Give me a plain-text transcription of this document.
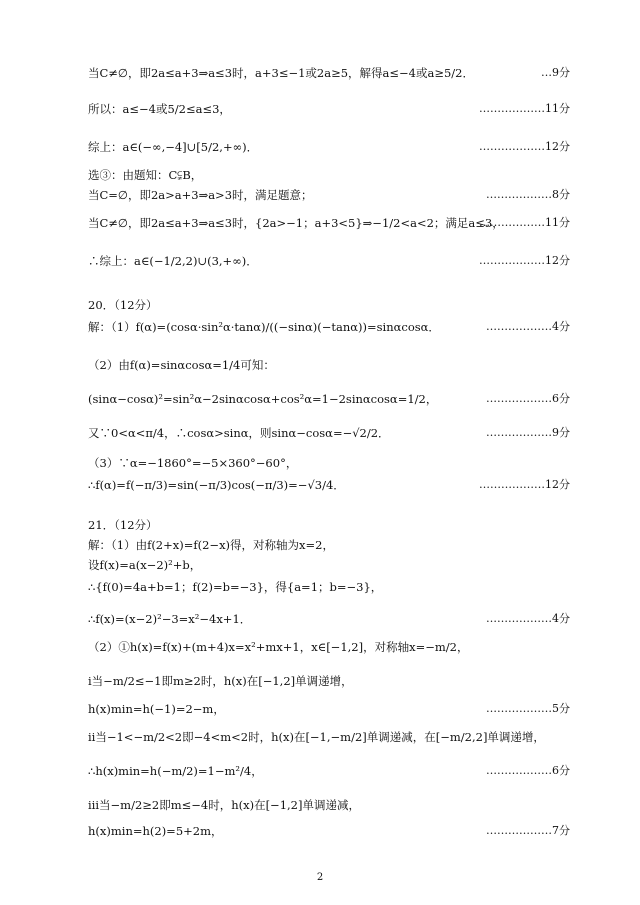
当C≠∅，即2a≤a+3⇒a≤3时，a+3≤−1或2a≥5，解得a≤−4或a≥5/2．	…9分
所以：a≤−4或5/2≤a≤3，	………………11分
综上：a∈(−∞,−4]∪[5/2,+∞)．	………………12分
选③：由题知：C⫋B，
当C=∅，即2a>a+3⇒a>3时，满足题意；	………………8分
当C≠∅，即2a≤a+3⇒a≤3时，{2a>−1；a+3<5}⇒−1/2<a<2；满足a≤3，
………………11分
∴综上：a∈(−1/2,2)∪(3,+∞)．	………………12分
20．（12分）
解：（1）f(α)=(cosα·sin²α·tanα)/((−sinα)(−tanα))=sinαcosα．	………………4分
（2）由f(α)=sinαcosα=1/4可知：
(sinα−cosα)²=sin²α−2sinαcosα+cos²α=1−2sinαcosα=1/2，	………………6分
又∵0<α<π/4，∴cosα>sinα，则sinα−cosα=−√2/2．	………………9分
（3）∵α=−1860°=−5×360°−60°，
∴f(α)=f(−π/3)=sin(−π/3)cos(−π/3)=−√3/4．	………………12分
21．（12分）
解：（1）由f(2+x)=f(2−x)得，对称轴为x=2，
设f(x)=a(x−2)²+b，
∴{f(0)=4a+b=1；f(2)=b=−3}，得{a=1；b=−3}，
∴f(x)=(x−2)²−3=x²−4x+1．	………………4分
（2）①h(x)=f(x)+(m+4)x=x²+mx+1，x∈[−1,2]，对称轴x=−m/2，
ⅰ当−m/2≤−1即m≥2时，h(x)在[−1,2]单调递增，
h(x)min=h(−1)=2−m，	………………5分
ⅱ当−1<−m/2<2即−4<m<2时，h(x)在[−1,−m/2]单调递减，在[−m/2,2]单调递增，
∴h(x)min=h(−m/2)=1−m²/4，	………………6分
ⅲ当−m/2≥2即m≤−4时，h(x)在[−1,2]单调递减，
h(x)min=h(2)=5+2m，	………………7分
2
